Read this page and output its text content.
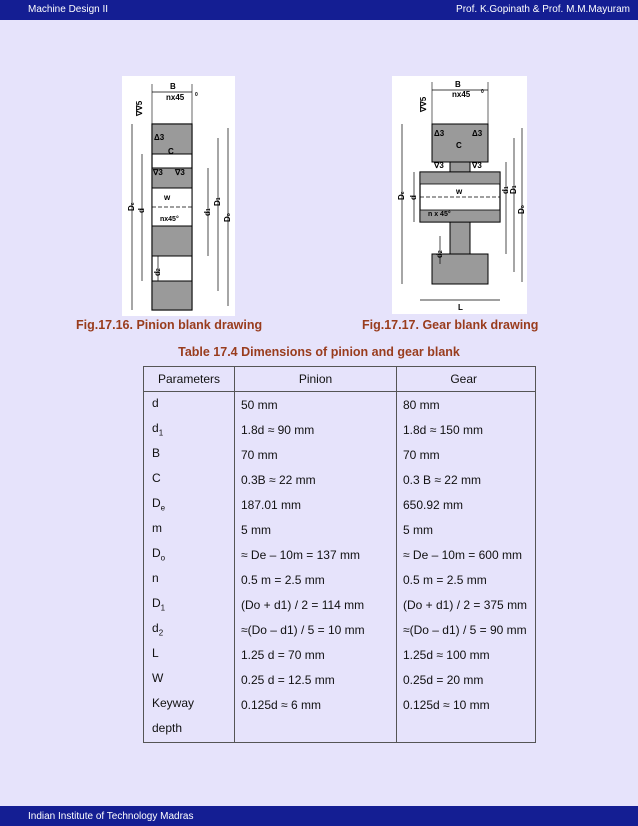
Machine Design II	Prof. K.Gopinath & Prof. M.M.Mayuram
B
nx45 0
∇∇5
Δ3
C
∇3 ∇3
w
nx45°
De
d
d1
D1
Do
d2
B
nx45 0
∇∇5
Δ3	Δ3
C
∇3	∇3
w
n x 45°
L
De
d
d1
D1
Do
d2
Fig.17.16. Pinion blank drawing	Fig.17.17. Gear blank drawing
Table 17.4 Dimensions of pinion and gear blank
Parameters	Pinion	Gear
d	50 mm	80 mm
$d_1$	1.8d ≈ 90 mm	1.8d ≈ 150 mm
B	70 mm	70 mm
C	0.3B ≈ 22 mm	0.3 B ≈ 22 mm
$D_e$	187.01 mm	650.92 mm
m	5 mm	5 mm
$D_o$	≈ De – 10m = 137 mm	≈ De – 10m = 600 mm
n	0.5 m = 2.5 mm	0.5 m = 2.5 mm
$D_1$	(Do + d1) / 2 = 114 mm	(Do + d1) / 2 = 375 mm
$d_2$	≈(Do – d1) / 5 = 10 mm	≈(Do – d1) / 5 = 90 mm
L	1.25 d = 70 mm	1.25d ≈ 100 mm
W	0.25 d = 12.5 mm	0.25d = 20 mm
Keyway	0.125d ≈ 6 mm	0.125d ≈ 10 mm
depth		
Indian Institute of Technology Madras
